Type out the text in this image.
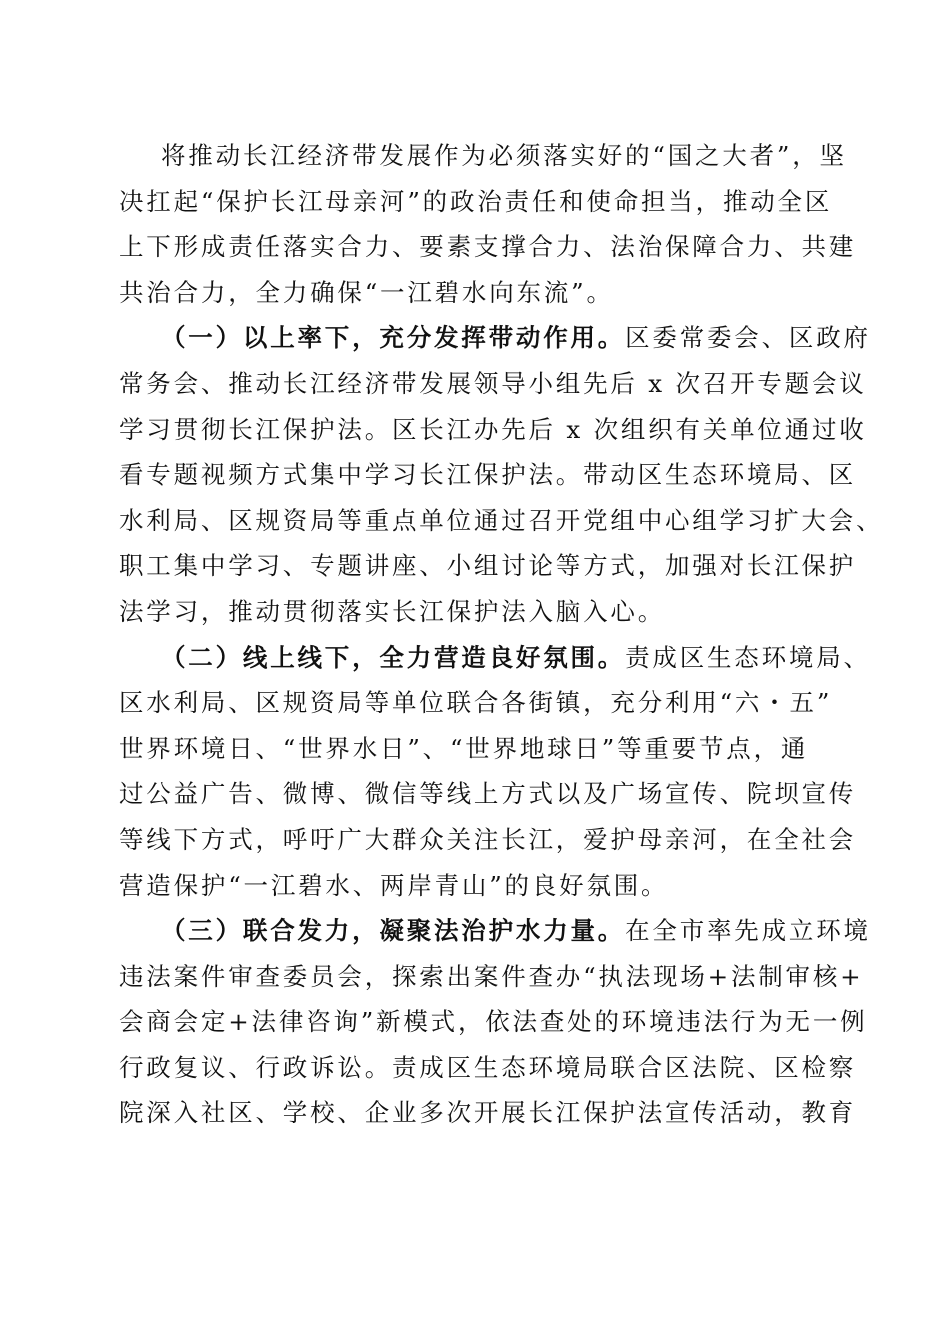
将推动长江经济带发展作为必须落实好的“国之大者”，坚
决扛起“保护长江母亲河”的政治责任和使命担当，推动全区
上下形成责任落实合力、要素支撑合力、法治保障合力、共建
共治合力，全力确保“一江碧水向东流”。
（一）以上率下，充分发挥带动作用。区委常委会、区政府
常务会、推动长江经济带发展领导小组先后 x 次召开专题会议
学习贯彻长江保护法。区长江办先后 x 次组织有关单位通过收
看专题视频方式集中学习长江保护法。带动区生态环境局、区
水利局、区规资局等重点单位通过召开党组中心组学习扩大会、
职工集中学习、专题讲座、小组讨论等方式，加强对长江保护
法学习，推动贯彻落实长江保护法入脑入心。
（二）线上线下，全力营造良好氛围。责成区生态环境局、
区水利局、区规资局等单位联合各街镇，充分利用“六・五”
世界环境日、“世界水日”、“世界地球日”等重要节点，通
过公益广告、微博、微信等线上方式以及广场宣传、院坝宣传
等线下方式，呼吁广大群众关注长江，爱护母亲河，在全社会
营造保护“一江碧水、两岸青山”的良好氛围。
（三）联合发力，凝聚法治护水力量。在全市率先成立环境
违法案件审查委员会，探索出案件查办“执法现场+法制审核+
会商会定+法律咨询”新模式，依法查处的环境违法行为无一例
行政复议、行政诉讼。责成区生态环境局联合区法院、区检察
院深入社区、学校、企业多次开展长江保护法宣传活动，教育
